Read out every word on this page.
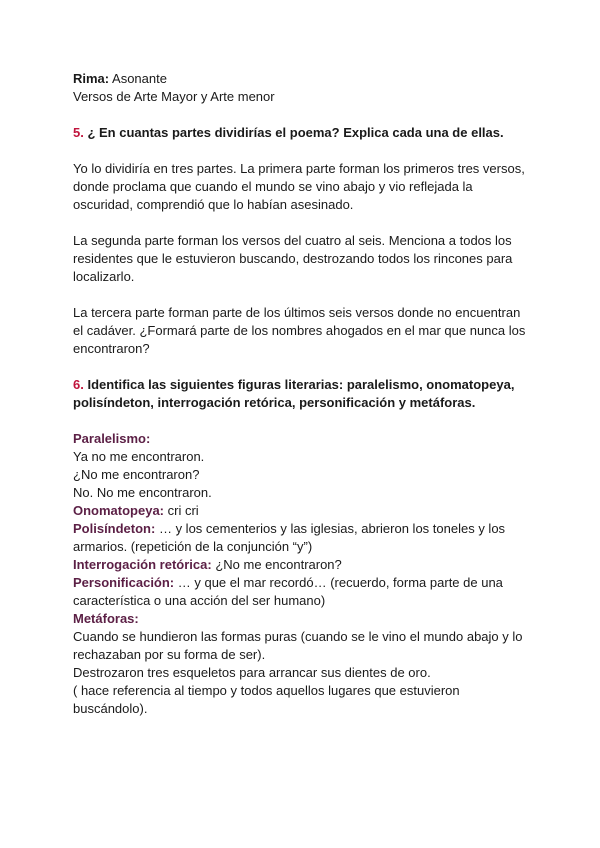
Rima: Asonante

Versos de Arte Mayor y Arte menor

5. ¿ En cuantas partes dividirías el poema? Explica cada una de ellas.

Yo lo dividiría en tres partes. La primera parte forman los primeros tres versos, donde proclama que cuando el mundo se vino abajo y vio reflejada la oscuridad, comprendió que lo habían asesinado.

La segunda parte forman los versos del cuatro al seis. Menciona a todos los residentes que le estuvieron buscando, destrozando todos los rincones para localizarlo.

La tercera parte forman parte de los últimos seis versos donde no encuentran el cadáver. ¿Formará parte de los nombres ahogados en el mar que nunca los encontraron?

6. Identifica las siguientes figuras literarias: paralelismo, onomatopeya, polisíndeton, interrogación retórica, personificación y metáforas.

Paralelismo:

Ya no me encontraron.

¿No me encontraron?

No. No me encontraron.

Onomatopeya: cri cri

Polisíndeton: … y los cementerios y las iglesias, abrieron los toneles y los armarios. (repetición de la conjunción “y”)

Interrogación retórica: ¿No me encontraron?

Personificación: … y que el mar recordó… (recuerdo, forma parte de una característica o una acción del ser humano)

Metáforas:

Cuando se hundieron las formas puras (cuando se le vino el mundo abajo y lo rechazaban por su forma de ser).

Destrozaron tres esqueletos para arrancar sus dientes de oro.

( hace referencia al tiempo y todos aquellos lugares que estuvieron buscándolo).
